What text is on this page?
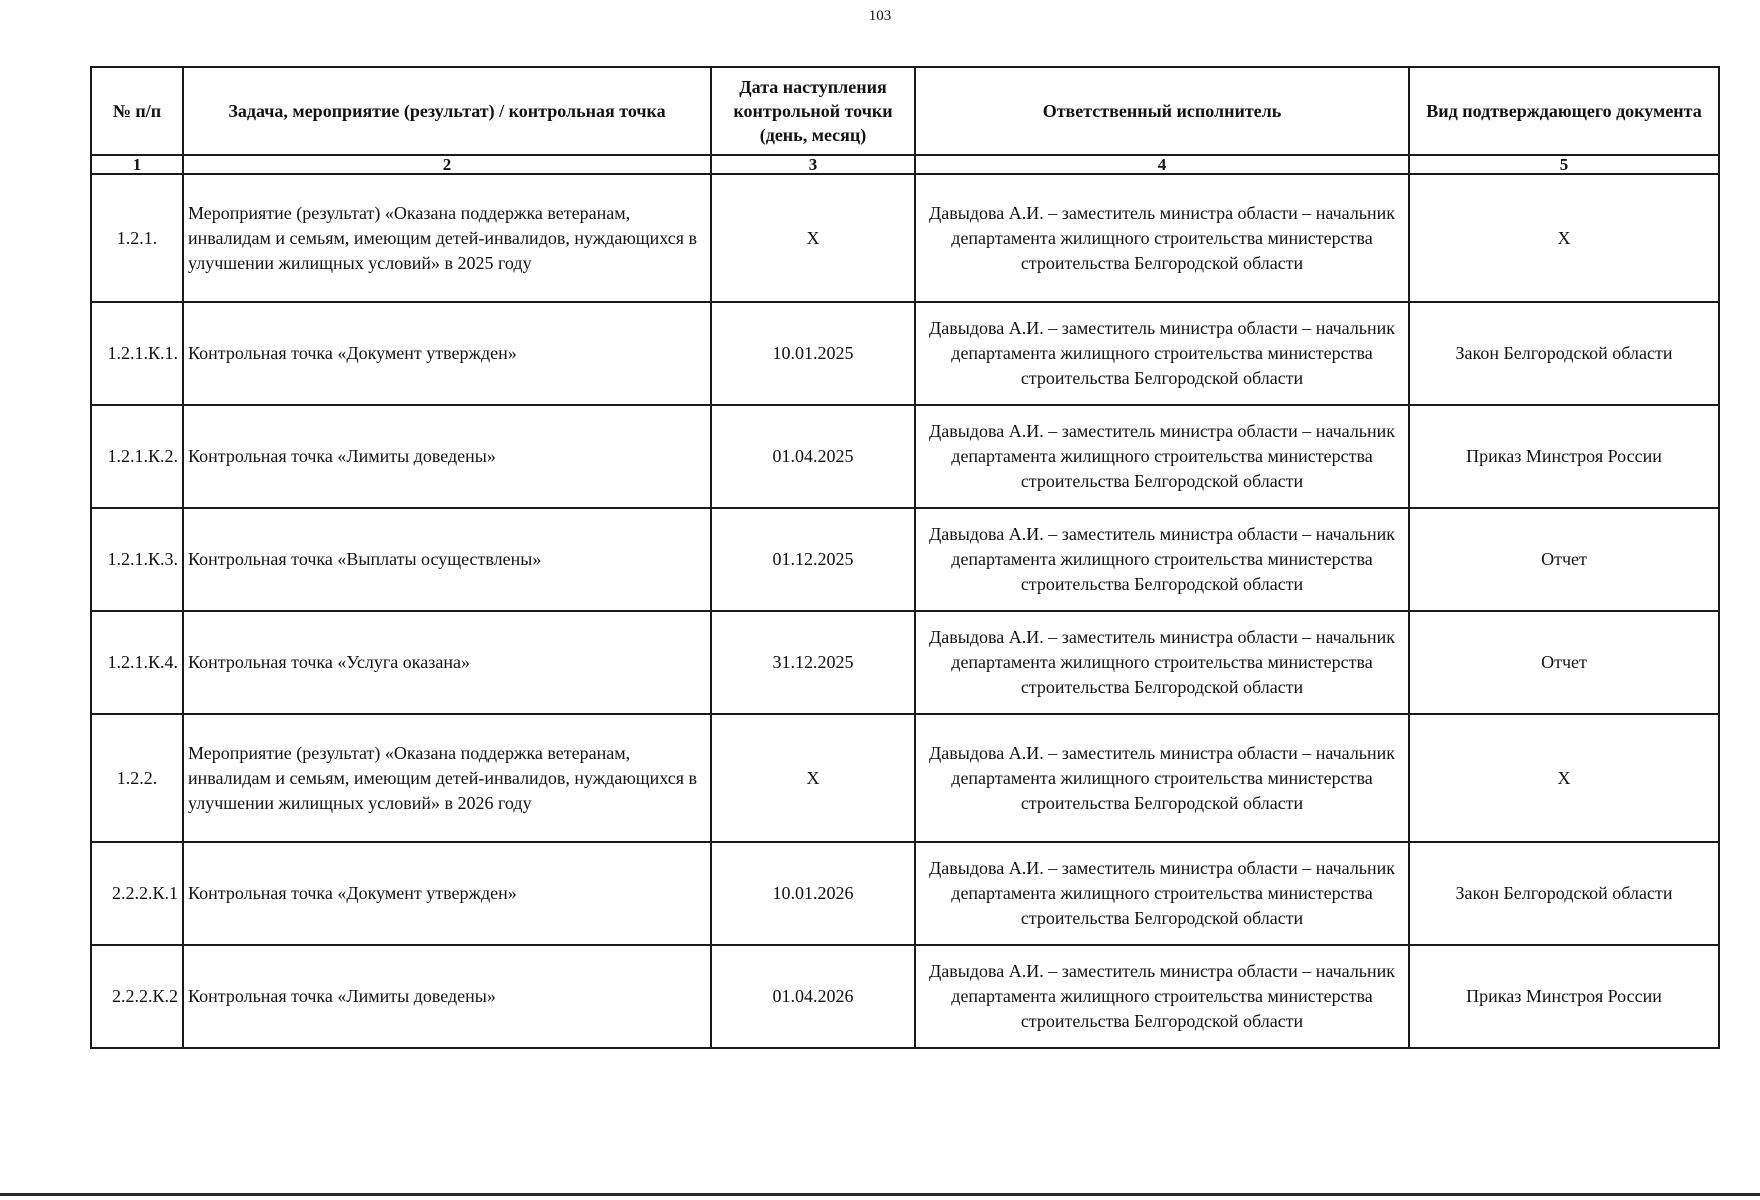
103
№ п/п	Задача, мероприятие (результат) / контрольная точка	Дата наступления контрольной точки (день, месяц)	Ответственный исполнитель	Вид подтверждающего документа
1	2	3	4	5
1.2.1.	Мероприятие (результат) «Оказана поддержка ветеранам, инвалидам и семьям, имеющим детей-инвалидов, нуждающихся в улучшении жилищных условий» в 2025 году	X	Давыдова А.И. – заместитель министра области – начальник департамента жилищного строительства министерства строительства Белгородской области	X
1.2.1.К.1.	Контрольная точка «Документ утвержден»	10.01.2025	Давыдова А.И. – заместитель министра области – начальник департамента жилищного строительства министерства строительства Белгородской области	Закон Белгородской области
1.2.1.К.2.	Контрольная точка «Лимиты доведены»	01.04.2025	Давыдова А.И. – заместитель министра области – начальник департамента жилищного строительства министерства строительства Белгородской области	Приказ Минстроя России
1.2.1.К.3.	Контрольная точка «Выплаты осуществлены»	01.12.2025	Давыдова А.И. – заместитель министра области – начальник департамента жилищного строительства министерства строительства Белгородской области	Отчет
1.2.1.К.4.	Контрольная точка «Услуга оказана»	31.12.2025	Давыдова А.И. – заместитель министра области – начальник департамента жилищного строительства министерства строительства Белгородской области	Отчет
1.2.2.	Мероприятие (результат) «Оказана поддержка ветеранам, инвалидам и семьям, имеющим детей-инвалидов, нуждающихся в улучшении жилищных условий» в 2026 году	X	Давыдова А.И. – заместитель министра области – начальник департамента жилищного строительства министерства строительства Белгородской области	X
2.2.2.К.1	Контрольная точка «Документ утвержден»	10.01.2026	Давыдова А.И. – заместитель министра области – начальник департамента жилищного строительства министерства строительства Белгородской области	Закон Белгородской области
2.2.2.К.2	Контрольная точка «Лимиты доведены»	01.04.2026	Давыдова А.И. – заместитель министра области – начальник департамента жилищного строительства министерства строительства Белгородской области	Приказ Минстроя России
